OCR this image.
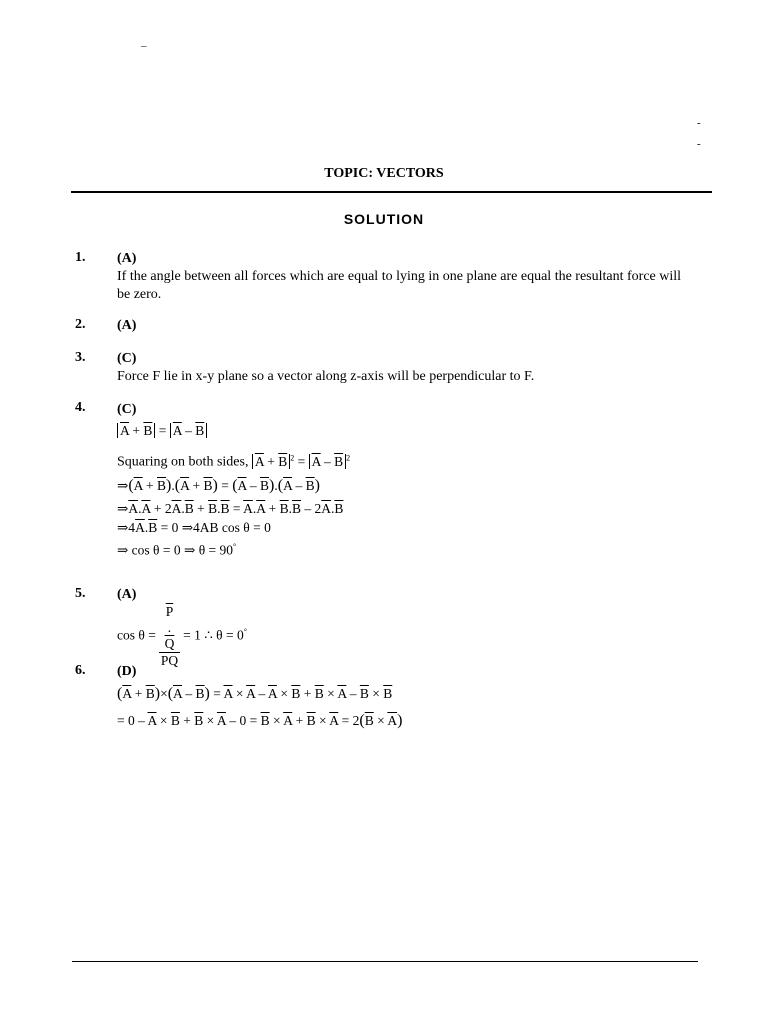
–
-
-
TOPIC: VECTORS
SOLUTION
1. (A)
If the angle between all forces which are equal to lying in one plane are equal the resultant force will be zero.
2. (A)
3. (C)
Force F lie in x-y plane so a vector along z-axis will be perpendicular to F.
4. (C)
$\overline{A} + \overline{B} = \overline{A} - \overline{B}$
Squaring on both sides, $\overline{A} + \overline{B}$ $^2 = \overline{A} - \overline{B}$ $^2$
$\Rightarrow(\overline{A} + \overline{B}).(\overline{A} + \overline{B}) = (\overline{A} - \overline{B}).(\overline{A} - \overline{B})$
$\Rightarrow\overline{A}.\overline{A} + 2\overline{A}.\overline{B} + \overline{B}.\overline{B} = \overline{A}.\overline{A} + \overline{B}.\overline{B} - 2\overline{A}.\overline{B}$
$\Rightarrow 4\overline{A}.\overline{B} = 0$ ⇒4AB cos θ = 0
⇒ cos θ = 0 ⇒ θ = 90°
5. (A)
$\cos \theta = \overline{P}$
.
$\overline{Q}$
PQ = 1 ∴ θ = 0°
6. (D)
$(\overline{A} + \overline{B})\times(\overline{A} - \overline{B}) = \overline{A} \times \overline{A} - \overline{A} \times \overline{B} + \overline{B} \times \overline{A} - \overline{B} \times \overline{B}$
= $0 - \overline{A} \times \overline{B} + \overline{B} \times \overline{A} - 0 = \overline{B} \times \overline{A} + \overline{B} \times \overline{A} = 2(\overline{B} \times \overline{A})$
